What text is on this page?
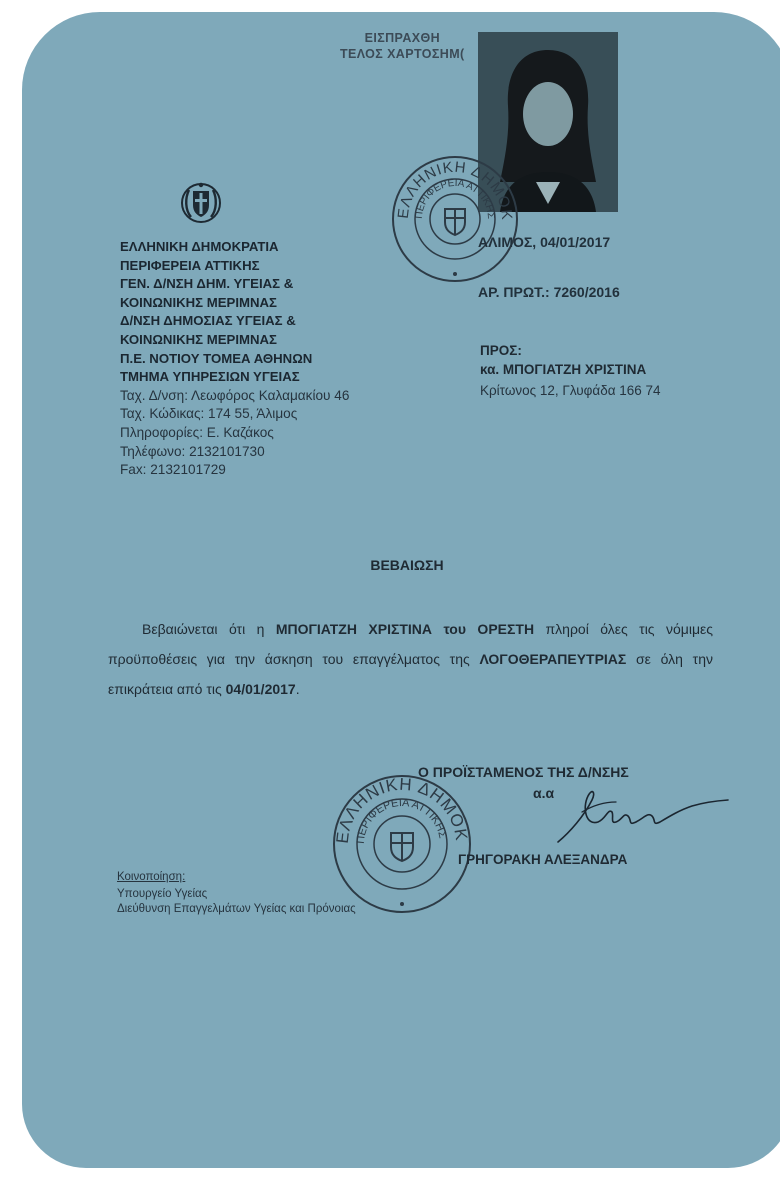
ΕΙΣΠΡΑΧΘΗ
ΤΕΛΟΣ ΧΑΡΤΟΣΗΜ(
ΕΛΛΗΝΙΚΗ ΔΗΜΟΚΡΑΤΙΑ
ΠΕΡΙΦΕΡΕΙΑ ΑΤΤΙΚΗΣ
ΓΕΝ. Δ/ΝΣΗ ΔΗΜ. ΥΓΕΙΑΣ &
ΚΟΙΝΩΝΙΚΗΣ ΜΕΡΙΜΝΑΣ
Δ/ΝΣΗ ΔΗΜΟΣΙΑΣ ΥΓΕΙΑΣ &
ΚΟΙΝΩΝΙΚΗΣ ΜΕΡΙΜΝΑΣ
Π.Ε. ΝΟΤΙΟΥ ΤΟΜΕΑ ΑΘΗΝΩΝ
ΤΜΗΜΑ ΥΠΗΡΕΣΙΩΝ ΥΓΕΙΑΣ
Ταχ. Δ/νση: Λεωφόρος Καλαμακίου 46
Ταχ. Κώδικας: 174 55, Άλιμος
Πληροφορίες: Ε. Καζάκος
Τηλέφωνο: 2132101730
Fax: 2132101729
ΕΛΛΗΝΙΚΗ ΔΗΜΟΚ
ΠΕΡΙΦΕΡΕΙΑ ΑΤΤΙΚΗΣ
ΑΛΙΜΟΣ, 04/01/2017
ΑΡ. ΠΡΩΤ.: 7260/2016
ΠΡΟΣ:
κα. ΜΠΟΓΙΑΤΖΗ ΧΡΙΣΤΙΝΑ
Κρίτωνος 12, Γλυφάδα 166 74
ΒΕΒΑΙΩΣΗ
Βεβαιώνεται ότι η ΜΠΟΓΙΑΤΖΗ ΧΡΙΣΤΙΝΑ του ΟΡΕΣΤΗ πληροί όλες τις νόμιμες προϋποθέσεις για την άσκηση του επαγγέλματος της ΛΟΓΟΘΕΡΑΠΕΥΤΡΙΑΣ σε όλη την επικράτεια από τις 04/01/2017.
Ο ΠΡΟΪΣΤΑΜΕΝΟΣ ΤΗΣ Δ/ΝΣΗΣ
α.α
ΕΛΛΗΝΙΚΗ ΔΗΜΟΚ
ΠΕΡΙΦΕΡΕΙΑ ΑΤΤΙΚΗΣ
ΓΡΗΓΟΡΑΚΗ ΑΛΕΞΑΝΔΡΑ
Κοινοποίηση:
Υπουργείο Υγείας
Διεύθυνση Επαγγελμάτων Υγείας και Πρόνοιας
